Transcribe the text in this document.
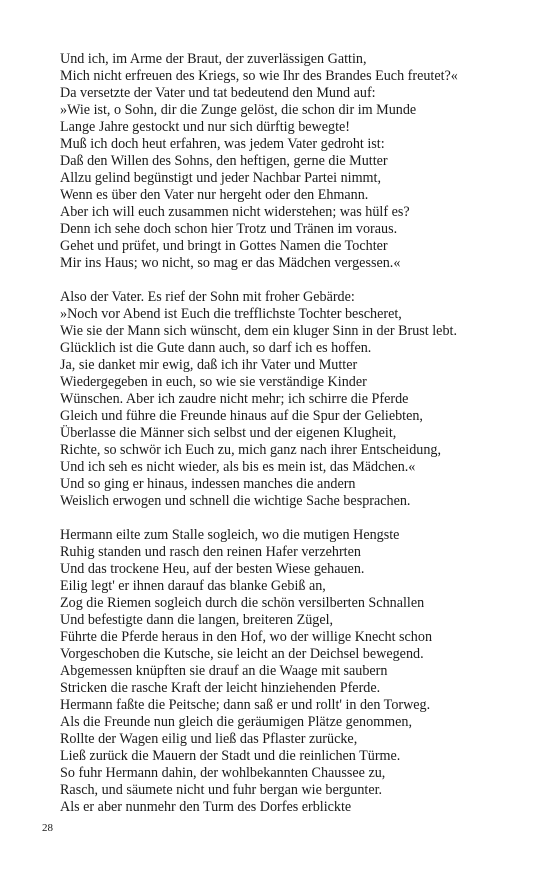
Und ich, im Arme der Braut, der zuverlässigen Gattin,
Mich nicht erfreuen des Kriegs, so wie Ihr des Brandes Euch freutet?«
Da versetzte der Vater und tat bedeutend den Mund auf:
»Wie ist, o Sohn, dir die Zunge gelöst, die schon dir im Munde
Lange Jahre gestockt und nur sich dürftig bewegte!
Muß ich doch heut erfahren, was jedem Vater gedroht ist:
Daß den Willen des Sohns, den heftigen, gerne die Mutter
Allzu gelind begünstigt und jeder Nachbar Partei nimmt,
Wenn es über den Vater nur hergeht oder den Ehmann.
Aber ich will euch zusammen nicht widerstehen; was hülf es?
Denn ich sehe doch schon hier Trotz und Tränen im voraus.
Gehet und prüfet, und bringt in Gottes Namen die Tochter
Mir ins Haus; wo nicht, so mag er das Mädchen vergessen.«
Also der Vater. Es rief der Sohn mit froher Gebärde:
»Noch vor Abend ist Euch die trefflichste Tochter bescheret,
Wie sie der Mann sich wünscht, dem ein kluger Sinn in der Brust lebt.
Glücklich ist die Gute dann auch, so darf ich es hoffen.
Ja, sie danket mir ewig, daß ich ihr Vater und Mutter
Wiedergegeben in euch, so wie sie verständige Kinder
Wünschen. Aber ich zaudre nicht mehr; ich schirre die Pferde
Gleich und führe die Freunde hinaus auf die Spur der Geliebten,
Überlasse die Männer sich selbst und der eigenen Klugheit,
Richte, so schwör ich Euch zu, mich ganz nach ihrer Entscheidung,
Und ich seh es nicht wieder, als bis es mein ist, das Mädchen.«
Und so ging er hinaus, indessen manches die andern
Weislich erwogen und schnell die wichtige Sache besprachen.
Hermann eilte zum Stalle sogleich, wo die mutigen Hengste
Ruhig standen und rasch den reinen Hafer verzehrten
Und das trockene Heu, auf der besten Wiese gehauen.
Eilig legt' er ihnen darauf das blanke Gebiß an,
Zog die Riemen sogleich durch die schön versilberten Schnallen
Und befestigte dann die langen, breiteren Zügel,
Führte die Pferde heraus in den Hof, wo der willige Knecht schon
Vorgeschoben die Kutsche, sie leicht an der Deichsel bewegend.
Abgemessen knüpften sie drauf an die Waage mit saubern
Stricken die rasche Kraft der leicht hinziehenden Pferde.
Hermann faßte die Peitsche; dann saß er und rollt' in den Torweg.
Als die Freunde nun gleich die geräumigen Plätze genommen,
Rollte der Wagen eilig und ließ das Pflaster zurücke,
Ließ zurück die Mauern der Stadt und die reinlichen Türme.
So fuhr Hermann dahin, der wohlbekannten Chaussee zu,
Rasch, und säumete nicht und fuhr bergan wie bergunter.
Als er aber nunmehr den Turm des Dorfes erblickte
28
